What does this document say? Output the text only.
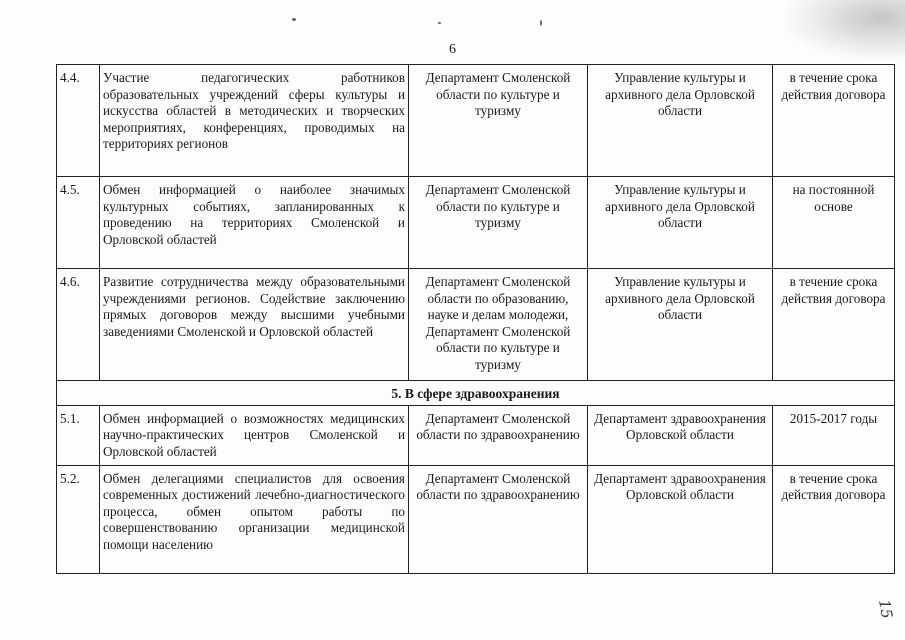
6
4.4.	Участие педагогических работников образовательных учреждений сферы культуры и искусства областей в методических и творческих мероприятиях, конференциях, проводимых на территориях регионов	Департамент Смоленской области по культуре и туризму	Управление культуры и архивного дела Орловской области	в течение срока действия договора
4.5.	Обмен информацией о наиболее значимых культурных событиях, запланированных к проведению на территориях Смоленской и Орловской областей	Департамент Смоленской области по культуре и туризму	Управление культуры и архивного дела Орловской области	на постоянной основе
4.6.	Развитие сотрудничества между образовательными учреждениями регионов. Содействие заключению прямых договоров между высшими учебными заведениями Смоленской и Орловской областей	Департамент Смоленской области по образованию, науке и делам молодежи, Департамент Смоленской области по культуре и туризму	Управление культуры и архивного дела Орловской области	в течение срока действия договора
5. В сфере здравоохранения				
5.1.	Обмен информацией о возможностях медицинских научно-практических центров Смоленской и Орловской областей	Департамент Смоленской области по здравоохранению	Департамент здравоохранения Орловской области	2015-2017 годы
5.2.	Обмен делегациями специалистов для освоения современных достижений лечебно-диагностического процесса, обмен опытом работы по совершенствованию организации медицинской помощи населению	Департамент Смоленской области по здравоохранению	Департамент здравоохранения Орловской области	в течение срока действия договора
15
